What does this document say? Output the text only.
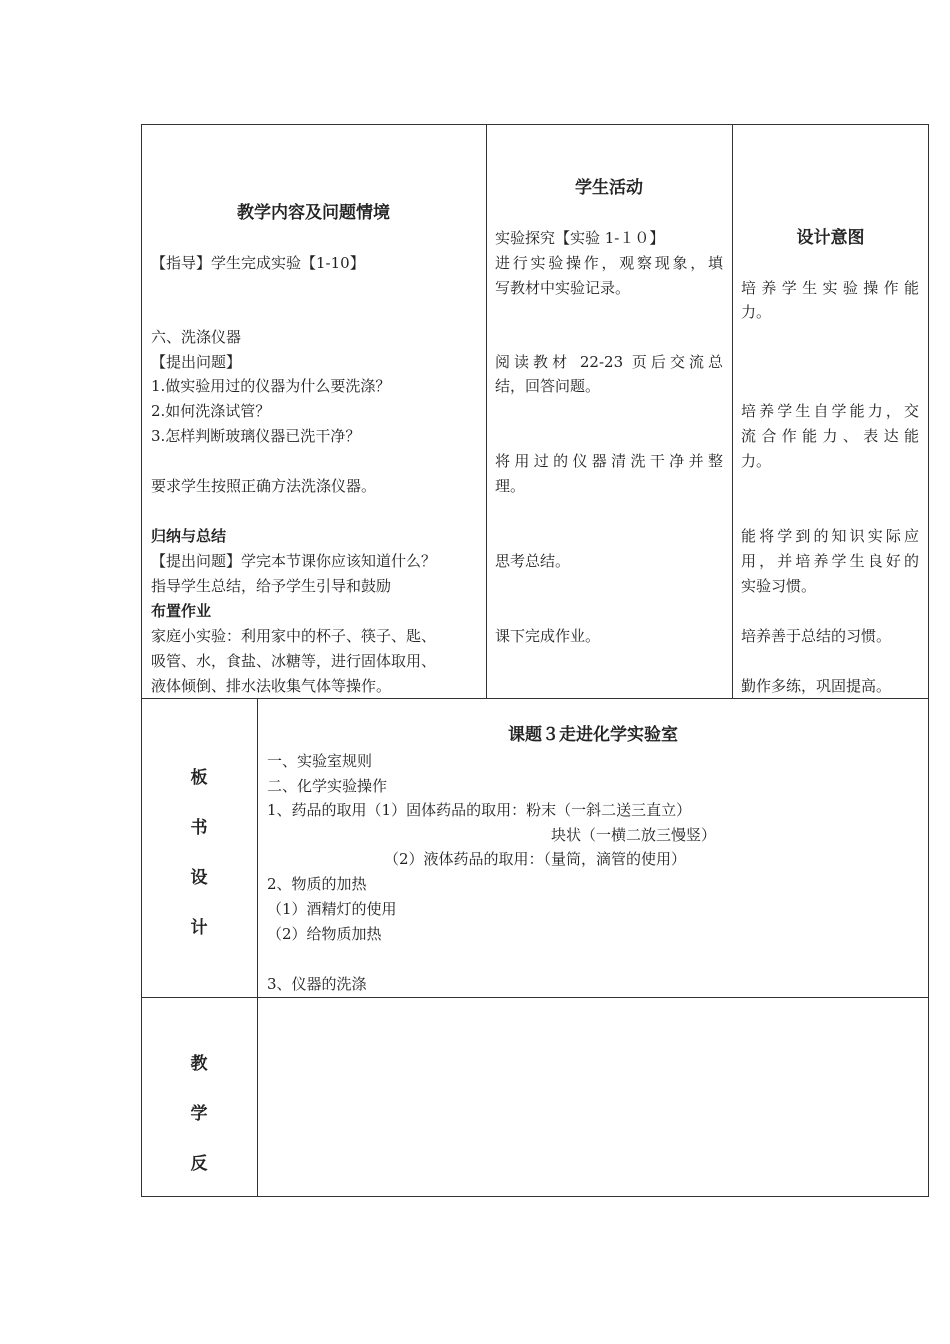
教学内容及问题情境
【指导】学生完成实验【1-10】
六、洗涤仪器
【提出问题】
1.做实验用过的仪器为什么要洗涤？
2.如何洗涤试管？
3.怎样判断玻璃仪器已洗干净？
要求学生按照正确方法洗涤仪器。
归纳与总结
【提出问题】学完本节课你应该知道什么？
指导学生总结，给予学生引导和鼓励
布置作业
家庭小实验：利用家中的杯子、筷子、匙、
吸管、水，食盐、冰糖等，进行固体取用、
液体倾倒、排水法收集气体等操作。
学生活动
实验探究【实验 1-１０】
进行实验操作，观察现象，填
写教材中实验记录。
阅读教材 22-23 页后交流总
结，回答问题。
将用过的仪器清洗干净并整
理。
思考总结。
课下完成作业。
设计意图
培养学生实验操作能
力。
培养学生自学能力，交
流合作能力、表达能
力。
能将学到的知识实际应
用，并培养学生良好的
实验习惯。
培养善于总结的习惯。
勤作多练，巩固提高。
板
书
设
计
课题３走进化学实验室
一、实验室规则
二、化学实验操作
1、药品的取用（1）固体药品的取用：粉末（一斜二送三直立）
块状（一横二放三慢竖）
（2）液体药品的取用：（量筒，滴管的使用）
2、物质的加热
（1）酒精灯的使用
（2）给物质加热
3、仪器的洗涤
教
学
反
